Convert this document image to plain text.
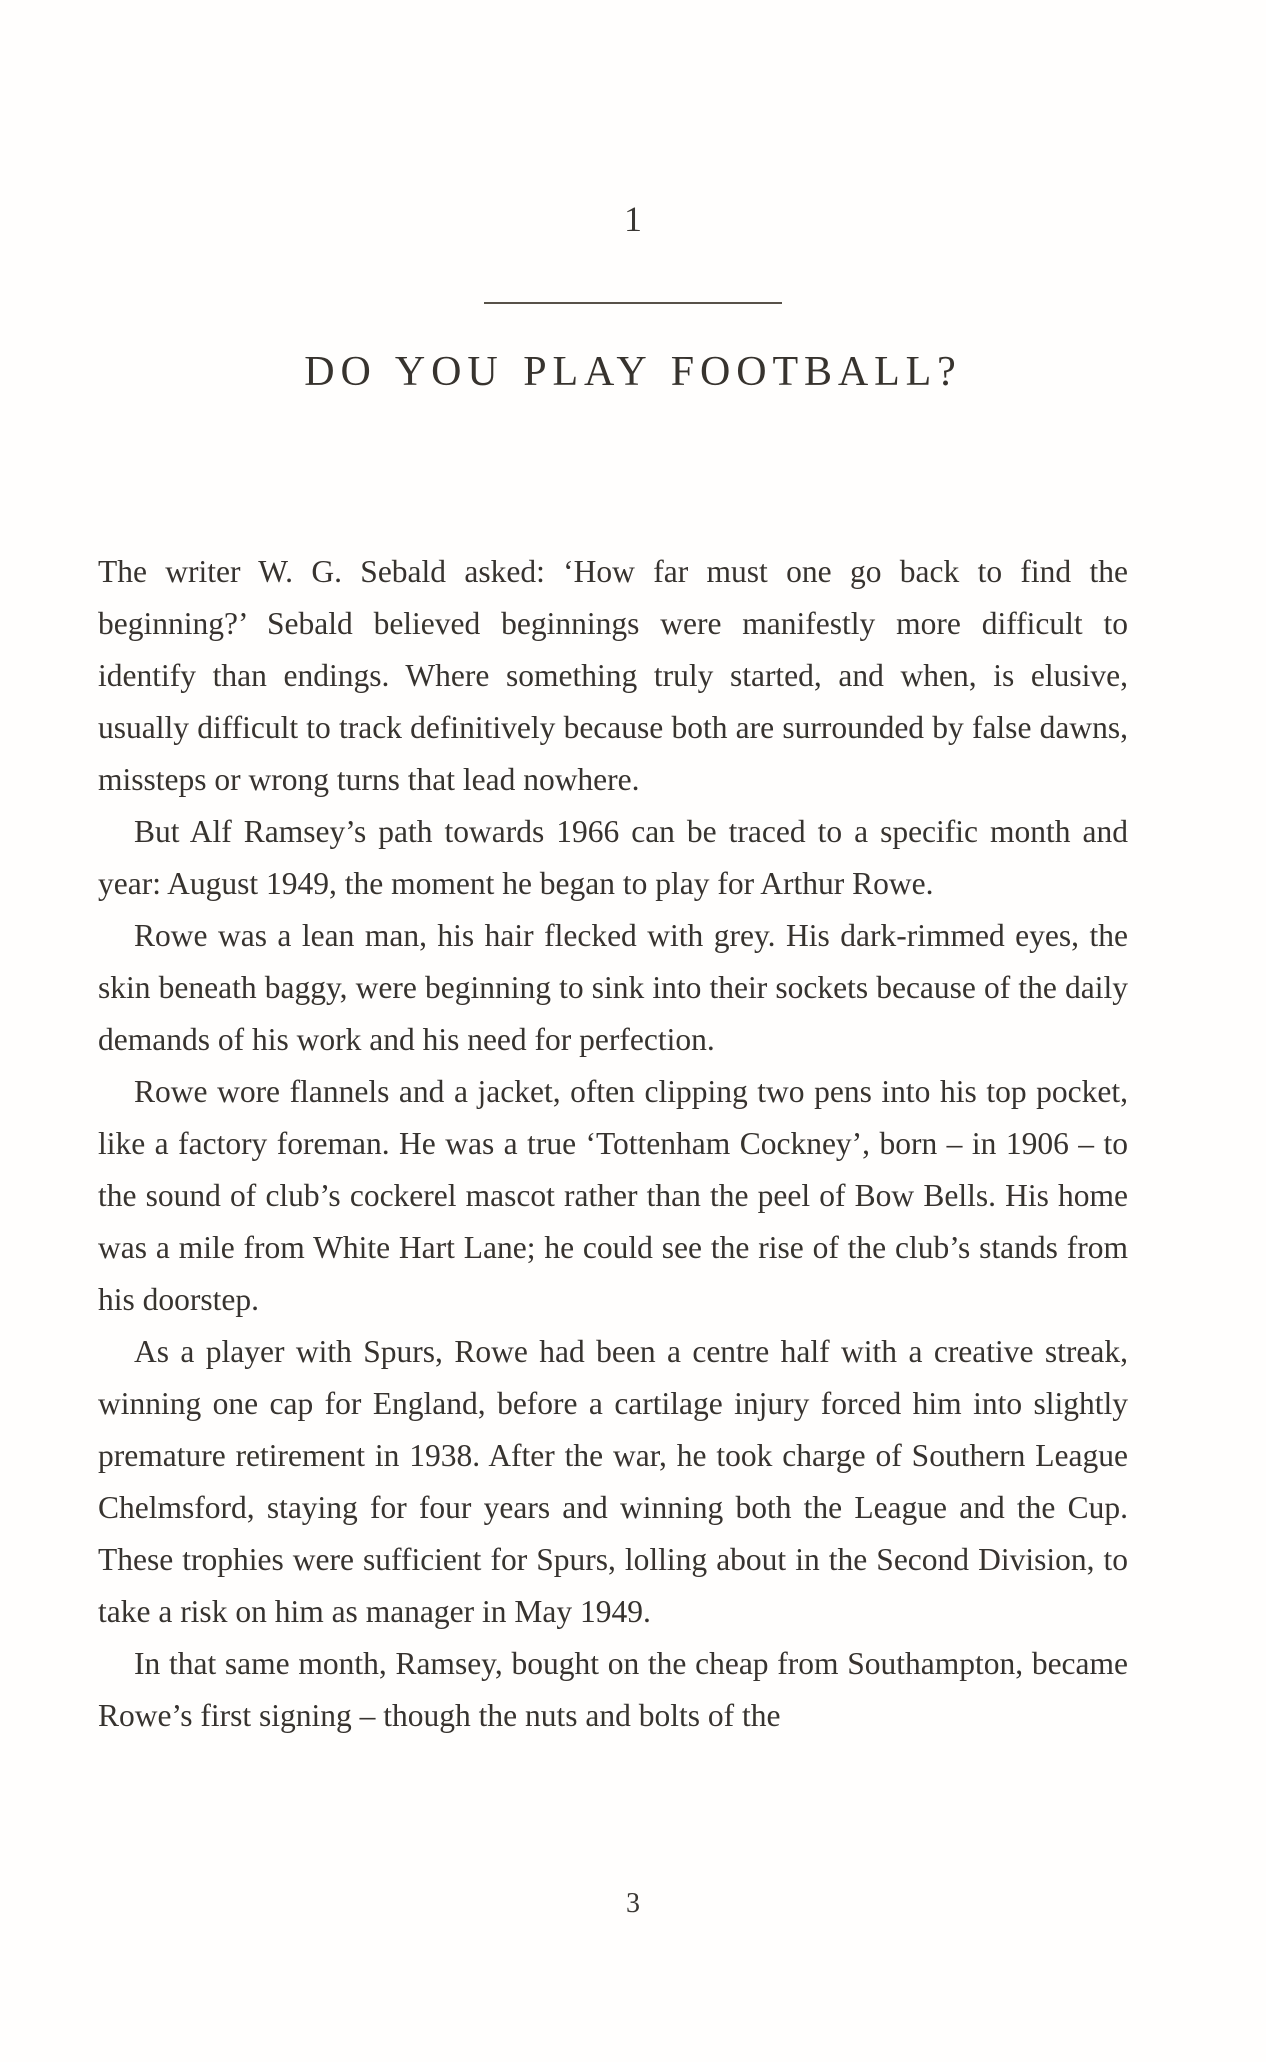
1
DO YOU PLAY FOOTBALL?

The writer W. G. Sebald asked: ‘How far must one go back to find the beginning?’ Sebald believed beginnings were manifestly more difficult to identify than endings. Where something truly started, and when, is elusive, usually difficult to track definitively because both are surrounded by false dawns, missteps or wrong turns that lead nowhere.

But Alf Ramsey’s path towards 1966 can be traced to a specific month and year: August 1949, the moment he began to play for Arthur Rowe.

Rowe was a lean man, his hair flecked with grey. His dark-rimmed eyes, the skin beneath baggy, were beginning to sink into their sockets because of the daily demands of his work and his need for perfection.

Rowe wore flannels and a jacket, often clipping two pens into his top pocket, like a factory foreman. He was a true ‘Tottenham Cockney’, born – in 1906 – to the sound of club’s cockerel mascot rather than the peel of Bow Bells. His home was a mile from White Hart Lane; he could see the rise of the club’s stands from his doorstep.

As a player with Spurs, Rowe had been a centre half with a creative streak, winning one cap for England, before a cartilage injury forced him into slightly premature retirement in 1938. After the war, he took charge of Southern League Chelmsford, staying for four years and winning both the League and the Cup. These trophies were sufficient for Spurs, lolling about in the Second Division, to take a risk on him as manager in May 1949.

In that same month, Ramsey, bought on the cheap from Southampton, became Rowe’s first signing – though the nuts and bolts of the

3
